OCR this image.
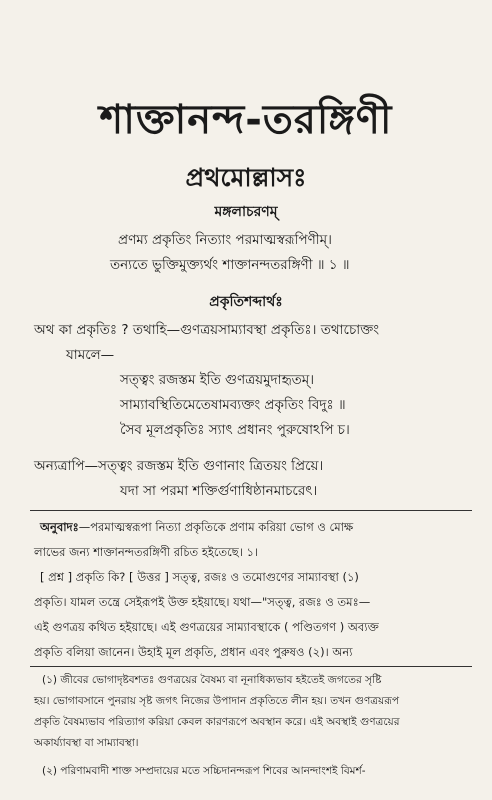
শাক্তানন্দ-তরঙ্গিণী
প্রথমোল্লাসঃ
মঙ্গলাচরণম্
প্রণম্য প্রকৃতিং নিত্যাং পরমাত্মস্বরূপিণীম্।
তন্যতে ভুক্তিমুক্ত্যর্থং শাক্তানন্দতরঙ্গিণী ॥ ১ ॥
প্রকৃতিশব্দার্থঃ
অথ কা প্রকৃতিঃ ? তথাহি—গুণত্রয়সাম্যাবস্থা প্রকৃতিঃ। তথাচোক্তং
যামলে—
সত্ত্বং রজস্তম ইতি গুণত্রয়মুদাহৃতম্।
সাম্যাবস্থিতিমেতেষামব্যক্তং প্রকৃতিং বিদুঃ ॥
সৈব মূলপ্রকৃতিঃ স্যাৎ প্রধানং পুরুষোঽপি চ।
অন্যত্রাপি—সত্ত্বং রজস্তম ইতি গুণানাং ত্রিতয়ং প্রিয়ে।
যদা সা পরমা শক্তির্গুণাধিষ্ঠানমাচরেৎ।
অনুবাদঃ—পরমাত্মস্বরূপা নিত্যা প্রকৃতিকে প্রণাম করিয়া ভোগ ও মোক্ষ
লাভের জন্য শাক্তানন্দতরঙ্গিণী রচিত হইতেছে। ১।
[ প্রশ্ন ] প্রকৃতি কি? [ উত্তর ] সত্ত্ব, রজঃ ও তমোগুণের সাম্যাবস্থা (১)
প্রকৃতি। যামল তন্ত্রে সেইরূপই উক্ত হইয়াছে। যথা—"সত্ত্ব, রজঃ ও তমঃ—
এই গুণত্রয় কথিত হইয়াছে। এই গুণত্রয়ের সাম্যাবস্থাকে ( পণ্ডিতগণ ) অব্যক্ত
প্রকৃতি বলিয়া জানেন। উহাই মূল প্রকৃতি, প্রধান এবং পুরুষও (২)। অন্য
(১) জীবের ভোগাদৃষ্টবশতঃ গুণত্রয়ের বৈষম্য বা নূনাধিক্যভাব হইতেই জগতের সৃষ্টি
হয়। ভোগাবসানে পুনরায় সৃষ্ট জগৎ নিজের উপাদান প্রকৃতিতে লীন হয়। তখন গুণত্রয়রূপ
প্রকৃতি বৈষম্যভাব পরিত্যাগ করিয়া কেবল কারণরূপে অবস্থান করে। এই অবস্থাই গুণত্রয়ের
অকার্য্যাবস্থা বা সাম্যাবস্থা।
(২) পরিণামবাদী শাক্ত সম্প্রদায়ের মতে সচ্চিদানন্দরূপ শিবের আনন্দাংশই বিমর্শ-
